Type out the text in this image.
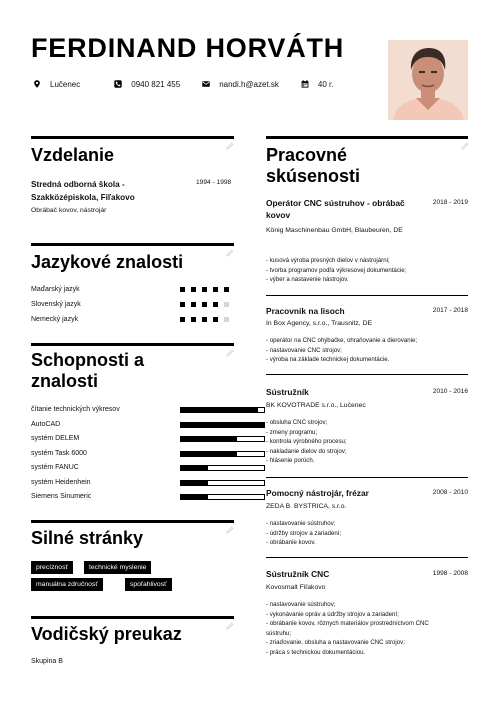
FERDINAND HORVÁTH
Lučenec	0940 821 455	nandi.h@azet.sk	40 r.
Vzdelanie
Stredná odborná škola - Szakközépiskola, Fiľakovo
1994 - 1998
Obrábač kovov, nástrojár
Jazykové znalosti
Maďarský jazyk
Slovenský jazyk
Nemecký jazyk
Schopnosti a znalosti
čítanie technických výkresov
AutoCAD
systém DELEM
systém Task 6000
systém FANUC
systém Heidenhein
Siemens Sinumeric
Silné stránky
precíznosť	technické myslenie
manuálna zdručnosť	spoľahlivosť
Vodičský preukaz
Skupina B
Pracovné skúsenosti
Operátor CNC sústruhov - obrábač kovov
2018 - 2019
König Maschinenbau GmbH, Blaubeuren, DE
- kusová výroba presných dielov v nástrojárni;
- tvorba programov podľa výkresovej dokumentácie;
- výber a nastavenie nástrojov.
Pracovník na lisoch	2017 - 2018
In Box Agency, s.r.o., Trausnitz, DE
- operátor na CNC ohýbačke, ohraňovanie a dierovanie;
- nastavovanie CNC strojov;
- výroba na základe technickej dokumentácie.
Sústružník	2010 - 2016
BK KOVOTRADE s.r.o., Lučenec
- obsluha CNC strojov;
- zmeny programu;
- kontrola výrobného procesu;
- nakladanie dielov do strojov;
- hlásenie porúch.
Pomocný nástrojár, frézar	2008 - 2010
ZEDA B. BYSTRICA, s.r.o.
- nastavovanie sústruhov;
- údržby strojov a zariadení;
- obrábanie kovov.
Sústružník CNC	1998 - 2008
Kovosmalt Fiľakovo
- nastavovanie sústruhov;
- vykonávanie opráv a údržby strojov a zariadení;
- obrábanie kovov, rôznych materiálov prostredníctvom CNC
sústruhu;
- zriaďovanie, obsluha a nastavovanie CNC strojov;
- práca s technickou dokumentáciou.
